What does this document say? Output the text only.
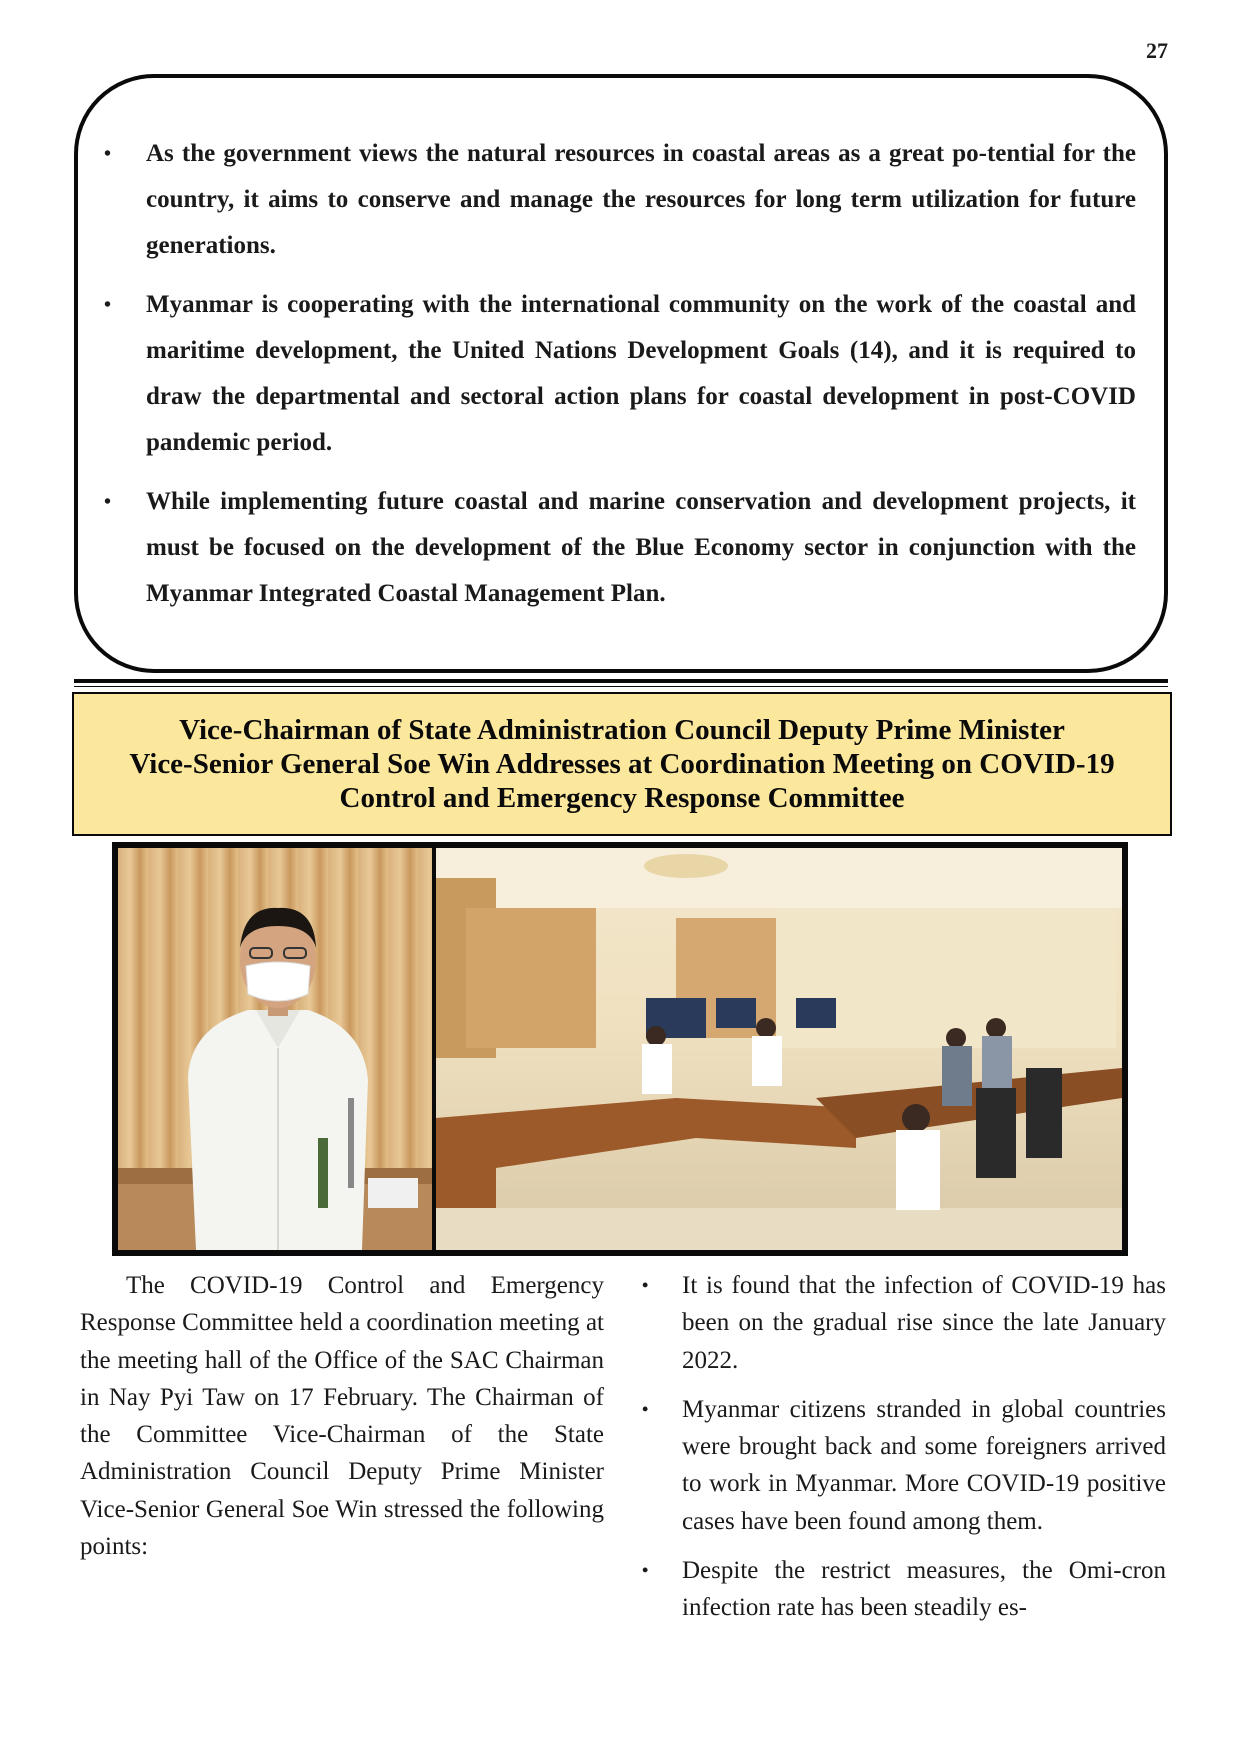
27
• As the government views the natural resources in coastal areas as a great po-tential for the country, it aims to conserve and manage the resources for long term utilization for future generations.
• Myanmar is cooperating with the international community on the work of the coastal and maritime development, the United Nations Development Goals (14), and it is required to draw the departmental and sectoral action plans for coastal development in post-COVID pandemic period.
• While implementing future coastal and marine conservation and development projects, it must be focused on the development of the Blue Economy sector in conjunction with the Myanmar Integrated Coastal Management Plan.
Vice-Chairman of State Administration Council Deputy Prime Minister
Vice-Senior General Soe Win Addresses at Coordination Meeting on COVID-19
Control and Emergency Response Committee

The COVID-19 Control and Emergency Response Committee held a coordination meeting at the meeting hall of the Office of the SAC Chairman in Nay Pyi Taw on 17 February. The Chairman of the Committee Vice-Chairman of the State Administration Council Deputy Prime Minister Vice-Senior General Soe Win stressed the following points:

• It is found that the infection of COVID-19 has been on the gradual rise since the late January 2022.
• Myanmar citizens stranded in global countries were brought back and some foreigners arrived to work in Myanmar. More COVID-19 positive cases have been found among them.
• Despite the restrict measures, the Omi-cron infection rate has been steadily es-
